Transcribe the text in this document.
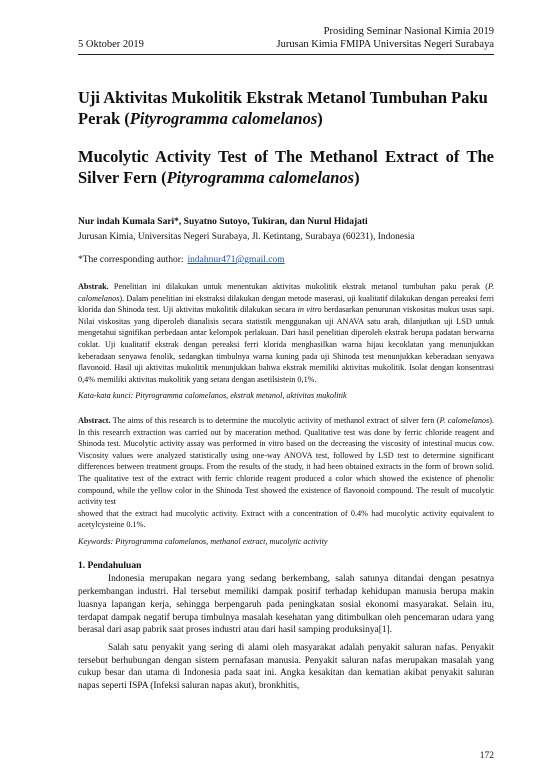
Prosiding Seminar Nasional Kimia 2019
5 Oktober 2019	Jurusan Kimia FMIPA Universitas Negeri Surabaya
Uji Aktivitas Mukolitik Ekstrak Metanol Tumbuhan Paku Perak (Pityrogramma calomelanos)
Mucolytic Activity Test of The Methanol Extract of The Silver Fern (Pityrogramma calomelanos)
Nur indah Kumala Sari*, Suyatno Sutoyo, Tukiran, dan Nurul Hidajati
Jurusan Kimia, Universitas Negeri Surabaya, Jl. Ketintang, Surabaya (60231), Indonesia
*The corresponding author: indahnur471@gmail.com
Abstrak. Penelitian ini dilakukan untuk menentukan aktivitas mukolitik ekstrak metanol tumbuhan paku perak (P. calomelanos). Dalam penelitian ini ekstraksi dilakukan dengan metode maserasi, uji kualitatif dilakukan dengan pereaksi ferri klorida dan Shinoda test. Uji aktivitas mukolitik dilakukan secara in vitro berdasarkan penurunan viskositas mukus usus sapi. Nilai viskositas yang diperoleh dianalisis secara statistik menggunakan uji ANAVA satu arah, dilanjutkan uji LSD untuk mengetahui signifikan perbedaan antar kelompok perlakuan. Dari hasil penelitian diperoleh ekstrak berupa padatan berwarna coklat. Uji kualitatif ekstrak dengan pereaksi ferri klorida menghasilkan warna hijau kecoklatan yang menunjukkan keberadaan senyawa fenolik, sedangkan timbulnya warna kuning pada uji Shinoda test menunjukkan keberadaan senyawa flavonoid. Hasil uji aktivitas mukolitik menunjukkan bahwa ekstrak memiliki aktivitas mukolitik. Isolat dengan konsentrasi 0,4% memiliki aktivitas mukolitik yang setara dengan asetilsistein 0,1%.
Kata-kata kunci: Pityrogramma calomelanos, ekstrak metanol, aktivitas mukolitik
Abstract. The aims of this research is to determine the mucolytic activity of methanol extract of silver fern (P. calomelanos). In this research extraction was carried out by maceration method. Qualitative test was done by ferric chloride reagent and Shinoda test. Mucolytic activity assay was performed in vitro based on the decreasing the viscosity of intestinal mucus cow. Viscosity values were analyzed statistically using one-way ANOVA test, followed by LSD test to determine significant differences between treatment groups. From the results of the study, it had been obtained extracts in the form of brown solid. The qualitative test of the extract with ferric chloride reagent produced a color which showed the existence of phenolic compound, while the yellow color in the Shinoda Test showed the existence of flavonoid compound. The result of mucolytic activity test
showed that the extract had mucolytic activity. Extract with a concentration of 0.4% had mucolytic activity equivalent to acetylcysteine 0.1%.
Keywords: Pityrogramma calomelanos, methanol extract, mucolytic activity
1. Pendahuluan
Indonesia merupakan negara yang sedang berkembang, salah satunya ditandai dengan pesatnya perkembangan industri. Hal tersebut memiliki dampak positif terhadap kehidupan manusia berupa makin luasnya lapangan kerja, sehingga berpengaruh pada peningkatan sosial ekonomi masyarakat. Selain itu, terdapat dampak negatif berupa timbulnya masalah kesehatan yang ditimbulkan oleh pencemaran udara yang berasal dari asap pabrik saat proses industri atau dari hasil samping produksinya[1].
Salah satu penyakit yang sering di alami oleh masyarakat adalah penyakit saluran nafas. Penyakit tersebut berhubungan dengan sistem pernafasan manusia. Penyakit saluran nafas merupakan masalah yang cukup besar dan utama di Indonesia pada saat ini. Angka kesakitan dan kematian akibat penyakit saluran napas seperti ISPA (Infeksi saluran napas akut), bronkhitis,
172
